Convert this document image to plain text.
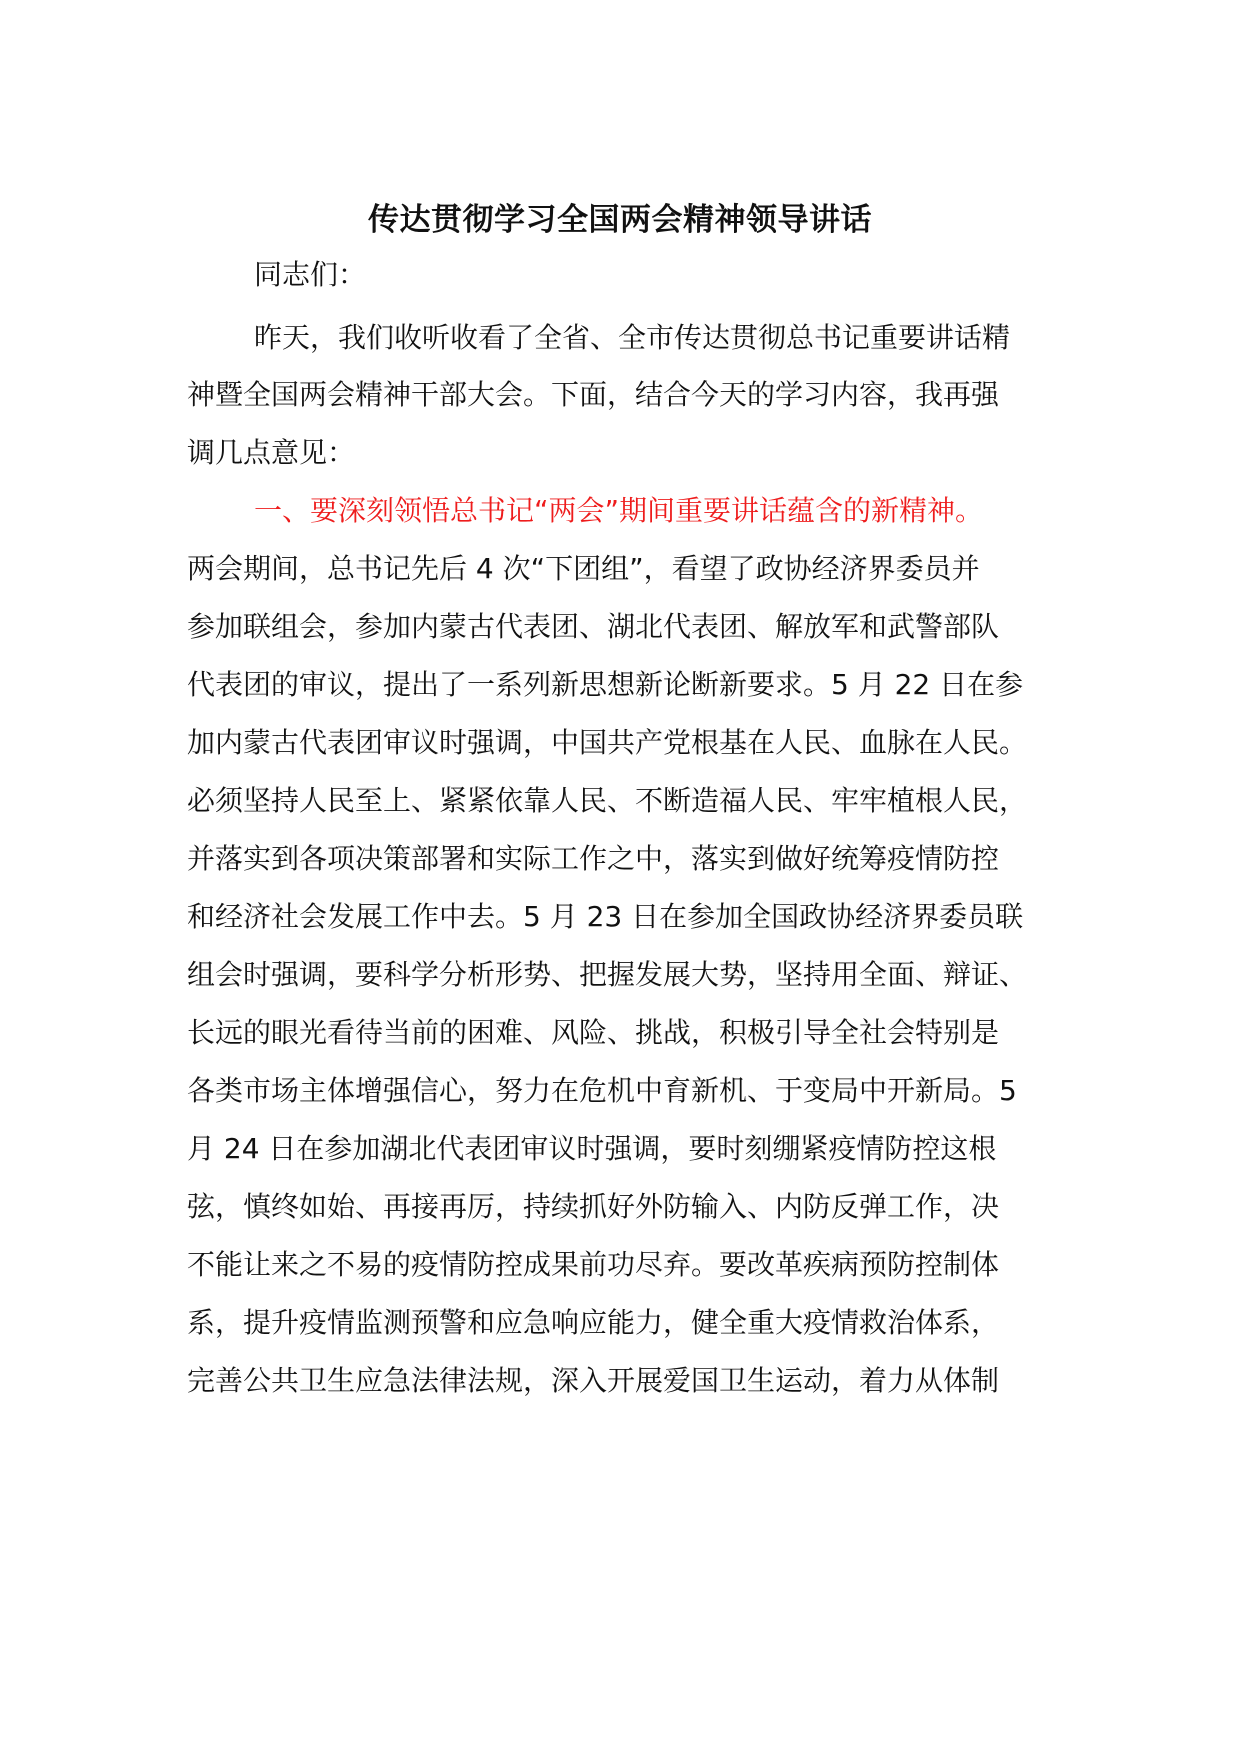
传达贯彻学习全国两会精神领导讲话
同志们：
昨天，我们收听收看了全省、全市传达贯彻总书记重要讲话精
神暨全国两会精神干部大会。下面，结合今天的学习内容，我再强
调几点意见：
一、要深刻领悟总书记“两会”期间重要讲话蕴含的新精神。
两会期间，总书记先后 4 次“下团组”，看望了政协经济界委员并
参加联组会，参加内蒙古代表团、湖北代表团、解放军和武警部队
代表团的审议，提出了一系列新思想新论断新要求。5 月 22 日在参
加内蒙古代表团审议时强调，中国共产党根基在人民、血脉在人民。
必须坚持人民至上、紧紧依靠人民、不断造福人民、牢牢植根人民，
并落实到各项决策部署和实际工作之中，落实到做好统筹疫情防控
和经济社会发展工作中去。5 月 23 日在参加全国政协经济界委员联
组会时强调，要科学分析形势、把握发展大势，坚持用全面、辩证、
长远的眼光看待当前的困难、风险、挑战，积极引导全社会特别是
各类市场主体增强信心，努力在危机中育新机、于变局中开新局。5
月 24 日在参加湖北代表团审议时强调，要时刻绷紧疫情防控这根
弦，慎终如始、再接再厉，持续抓好外防输入、内防反弹工作，决
不能让来之不易的疫情防控成果前功尽弃。要改革疾病预防控制体
系，提升疫情监测预警和应急响应能力，健全重大疫情救治体系，
完善公共卫生应急法律法规，深入开展爱国卫生运动，着力从体制
